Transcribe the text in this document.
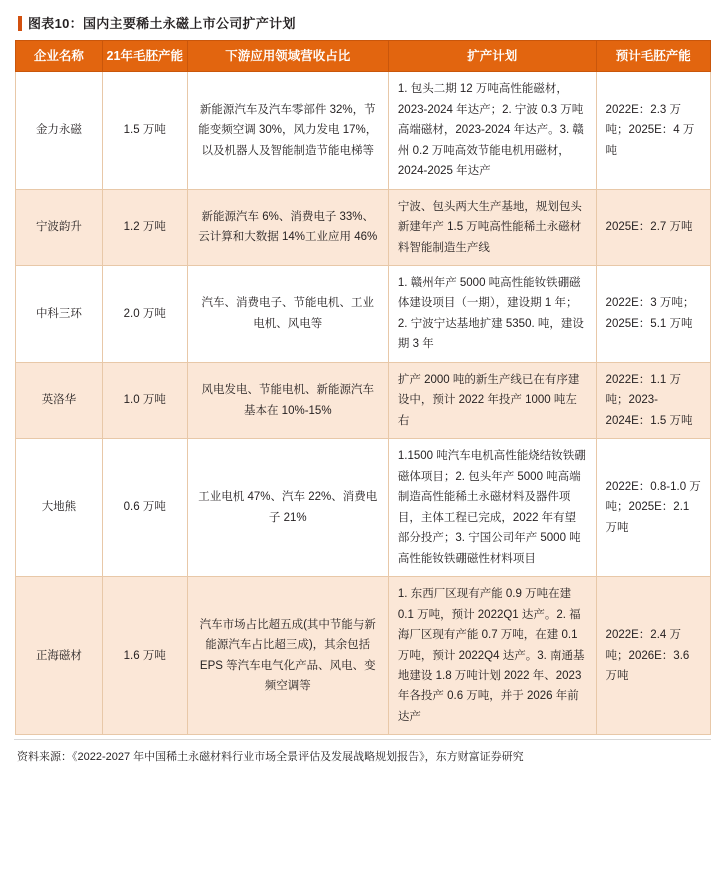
图表10：国内主要稀土永磁上市公司扩产计划
企业名称	21年毛胚产能	下游应用领域营收占比	扩产计划	预计毛胚产能
金力永磁	1.5 万吨	新能源汽车及汽车零部件 32%，节能变频空调 30%，风力发电 17%，以及机器人及智能制造节能电梯等	1. 包头二期 12 万吨高性能磁材，2023-2024 年达产；2. 宁波 0.3 万吨高端磁材，2023-2024 年达产。3. 赣州 0.2 万吨高效节能电机用磁材，2024-2025 年达产	2022E：2.3 万吨；2025E：4 万吨
宁波韵升	1.2 万吨	新能源汽车 6%、消费电子 33%、云计算和大数据 14%工业应用 46%	宁波、包头两大生产基地，规划包头新建年产 1.5 万吨高性能稀土永磁材料智能制造生产线	2025E：2.7 万吨
中科三环	2.0 万吨	汽车、消费电子、节能电机、工业电机、风电等	1. 赣州年产 5000 吨高性能钕铁硼磁体建设项目（一期），建设期 1 年；2. 宁波宁达基地扩建 5350. 吨，建设期 3 年	2022E：3 万吨；2025E：5.1 万吨
英洛华	1.0 万吨	风电发电、节能电机、新能源汽车基本在 10%-15%	扩产 2000 吨的新生产线已在有序建设中，预计 2022 年投产 1000 吨左右	2022E：1.1 万吨；2023-2024E：1.5 万吨
大地熊	0.6 万吨	工业电机 47%、汽车 22%、消费电子 21%	1.1500 吨汽车电机高性能烧结钕铁硼磁体项目；2. 包头年产 5000 吨高端制造高性能稀土永磁材料及器件项目，主体工程已完成，2022 年有望部分投产；3. 宁国公司年产 5000 吨高性能钕铁硼磁性材料项目	2022E：0.8-1.0 万吨；2025E：2.1 万吨
正海磁材	1.6 万吨	汽车市场占比超五成(其中节能与新能源汽车占比超三成)，其余包括 EPS 等汽车电气化产品、风电、变频空调等	1. 东西厂区现有产能 0.9 万吨在建 0.1 万吨，预计 2022Q1 达产。2. 福海厂区现有产能 0.7 万吨，在建 0.1 万吨，预计 2022Q4 达产。3. 南通基地建设 1.8 万吨计划 2022 年、2023 年各投产 0.6 万吨，并于 2026 年前达产	2022E：2.4 万吨；2026E：3.6 万吨
资料来源：《2022-2027 年中国稀土永磁材料行业市场全景评估及发展战略规划报告》，东方财富证券研究
